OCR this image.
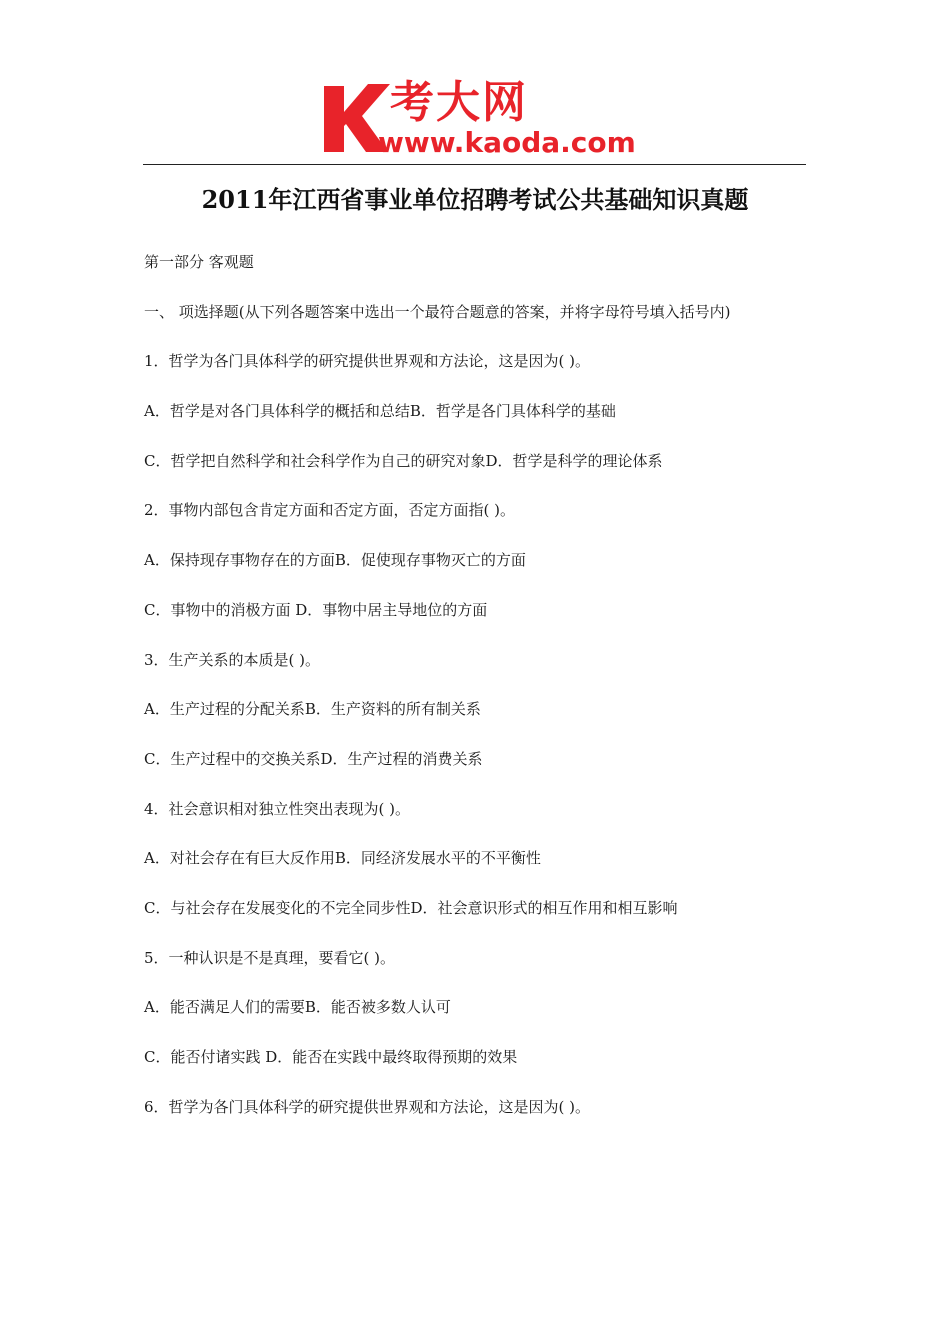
考大网
www.kaoda.com
2011年江西省事业单位招聘考试公共基础知识真题

第一部分 客观题

一、 项选择题(从下列各题答案中选出一个最符合题意的答案，并将字母符号填入括号内)

1．哲学为各门具体科学的研究提供世界观和方法论，这是因为( )。

A．哲学是对各门具体科学的概括和总结B．哲学是各门具体科学的基础

C．哲学把自然科学和社会科学作为自己的研究对象D．哲学是科学的理论体系

2．事物内部包含肯定方面和否定方面，否定方面指( )。

A．保持现存事物存在的方面B．促使现存事物灭亡的方面

C．事物中的消极方面 D．事物中居主导地位的方面

3．生产关系的本质是( )。

A．生产过程的分配关系B．生产资料的所有制关系

C．生产过程中的交换关系D．生产过程的消费关系

4．社会意识相对独立性突出表现为( )。

A．对社会存在有巨大反作用B．同经济发展水平的不平衡性

C．与社会存在发展变化的不完全同步性D．社会意识形式的相互作用和相互影响

5．一种认识是不是真理，要看它( )。

A．能否满足人们的需要B．能否被多数人认可

C．能否付诸实践 D．能否在实践中最终取得预期的效果

6．哲学为各门具体科学的研究提供世界观和方法论，这是因为( )。
